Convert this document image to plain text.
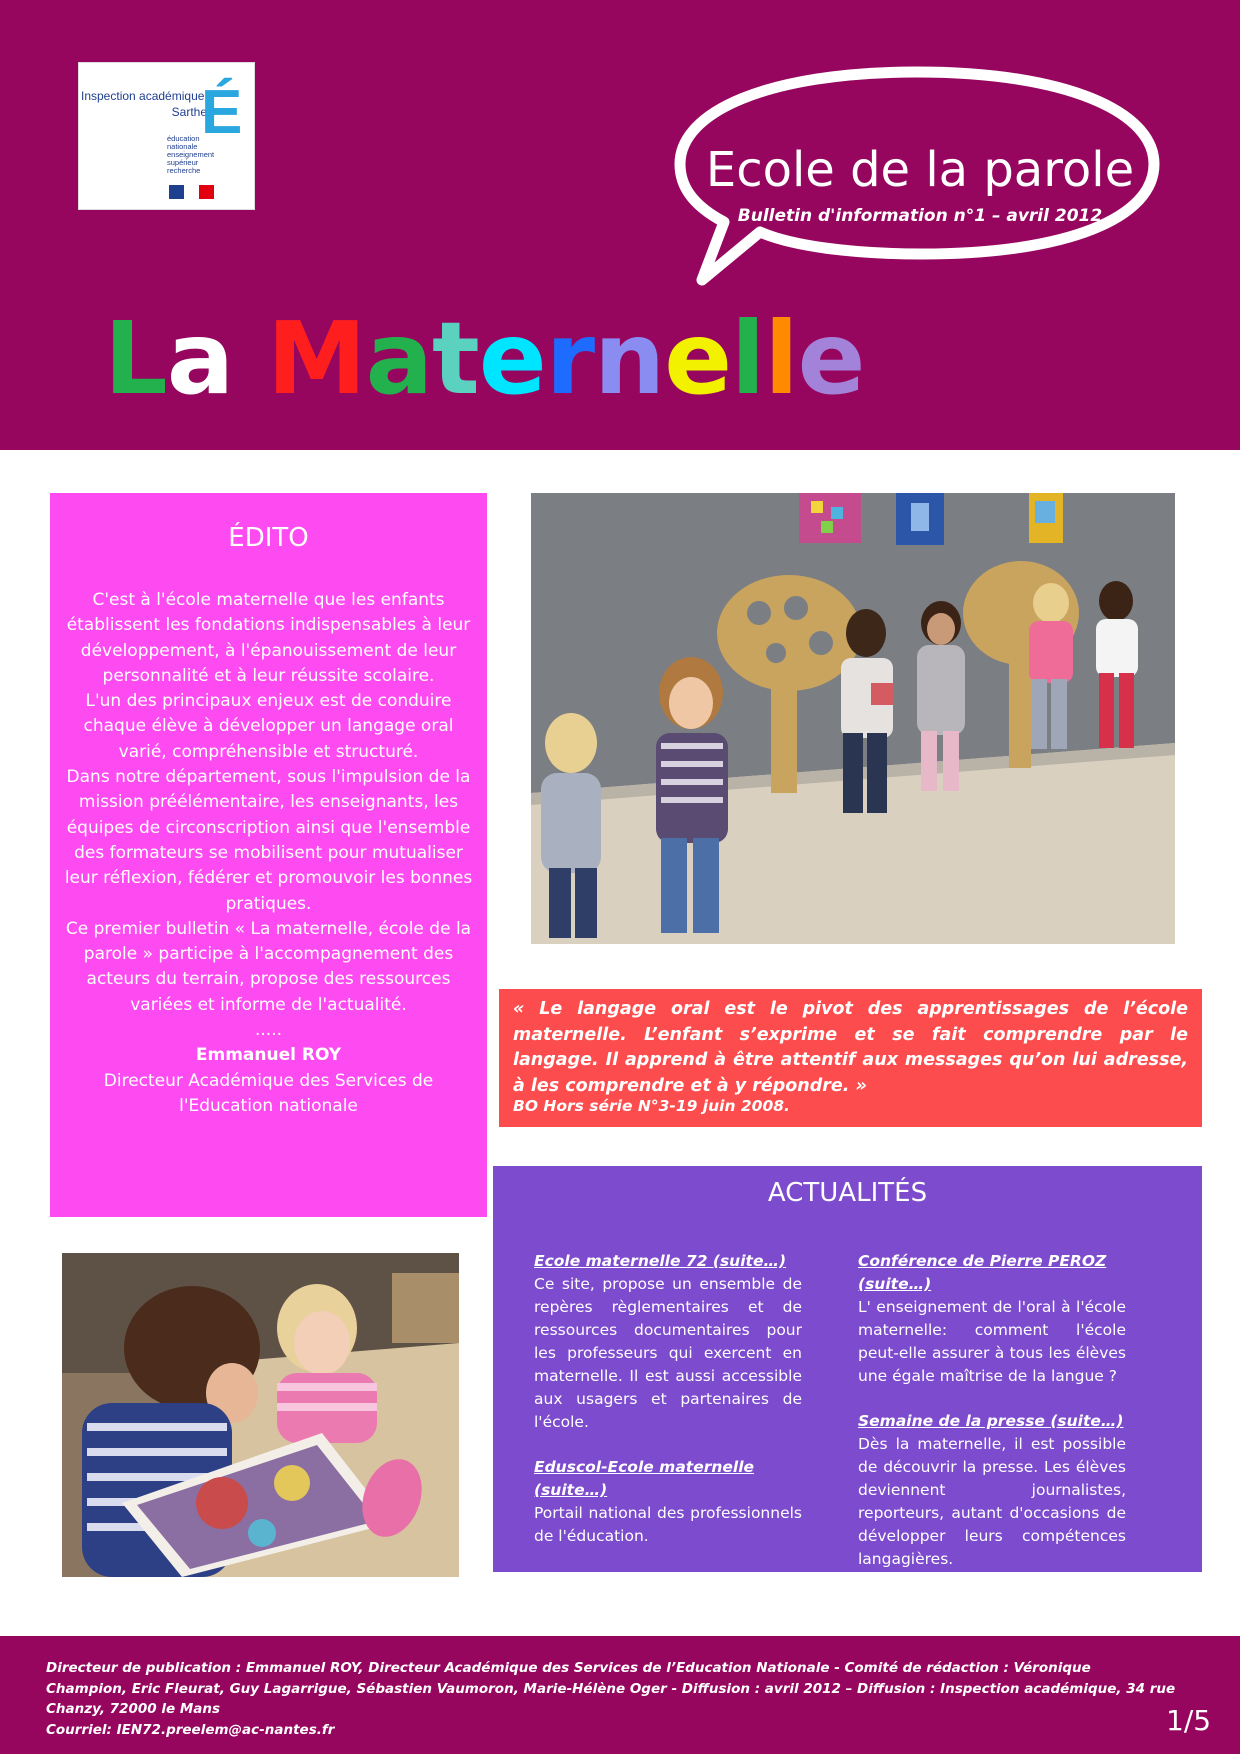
Inspection académique
Sarthe
É
éducation
nationale
enseignement
supérieur
recherche	Ecole de la parole
Bulletin d'information n°1 – avril 2012
La Maternelle
ÉDITO

C'est à l'école maternelle que les enfants établissent les fondations indispensables à leur développement, à l'épanouissement de leur personnalité et à leur réussite scolaire.

L'un des principaux enjeux est de conduire chaque élève à développer un langage oral varié, compréhensible et structuré.

Dans notre département, sous l'impulsion de la mission préélémentaire, les enseignants, les équipes de circonscription ainsi que l'ensemble des formateurs se mobilisent pour mutualiser leur réflexion, fédérer et promouvoir les bonnes pratiques.

Ce premier bulletin « La maternelle, école de la parole » participe à l'accompagnement des acteurs du terrain, propose des ressources variées et informe de l'actualité.

.....

Emmanuel ROY

Directeur Académique des Services de l'Education nationale

« Le langage oral est le pivot des apprentissages de l’école maternelle. L’enfant s’exprime et se fait comprendre par le langage. Il apprend à être attentif aux messages qu’on lui adresse, à les comprendre et à y répondre. »
BO Hors série N°3-19 juin 2008.
ACTUALITÉS
Ecole maternelle 72 (suite…)
Ce site, propose un ensemble de repères règlementaires et de ressources documentaires pour les professeurs qui exercent en maternelle. Il est aussi accessible aux usagers et partenaires de l'école.
Eduscol-Ecole maternelle (suite…)
Portail national des professionnels de l'éducation.
Conférence de Pierre PEROZ (suite…)
L' enseignement de l'oral à l'école maternelle: comment l'école peut-elle assurer à tous les élèves une égale maîtrise de la langue ?
Semaine de la presse (suite…)
Dès la maternelle, il est possible de découvrir la presse. Les élèves deviennent journalistes, reporteurs, autant d'occasions de développer leurs compétences langagières.
Directeur de publication : Emmanuel ROY, Directeur Académique des Services de l’Education Nationale - Comité de rédaction : Véronique Champion, Eric Fleurat, Guy Lagarrigue, Sébastien Vaumoron, Marie-Hélène Oger - Diffusion : avril 2012 – Diffusion : Inspection académique, 34 rue Chanzy, 72000 le Mans
Courriel: IEN72.preelem@ac-nantes.fr	1/5
